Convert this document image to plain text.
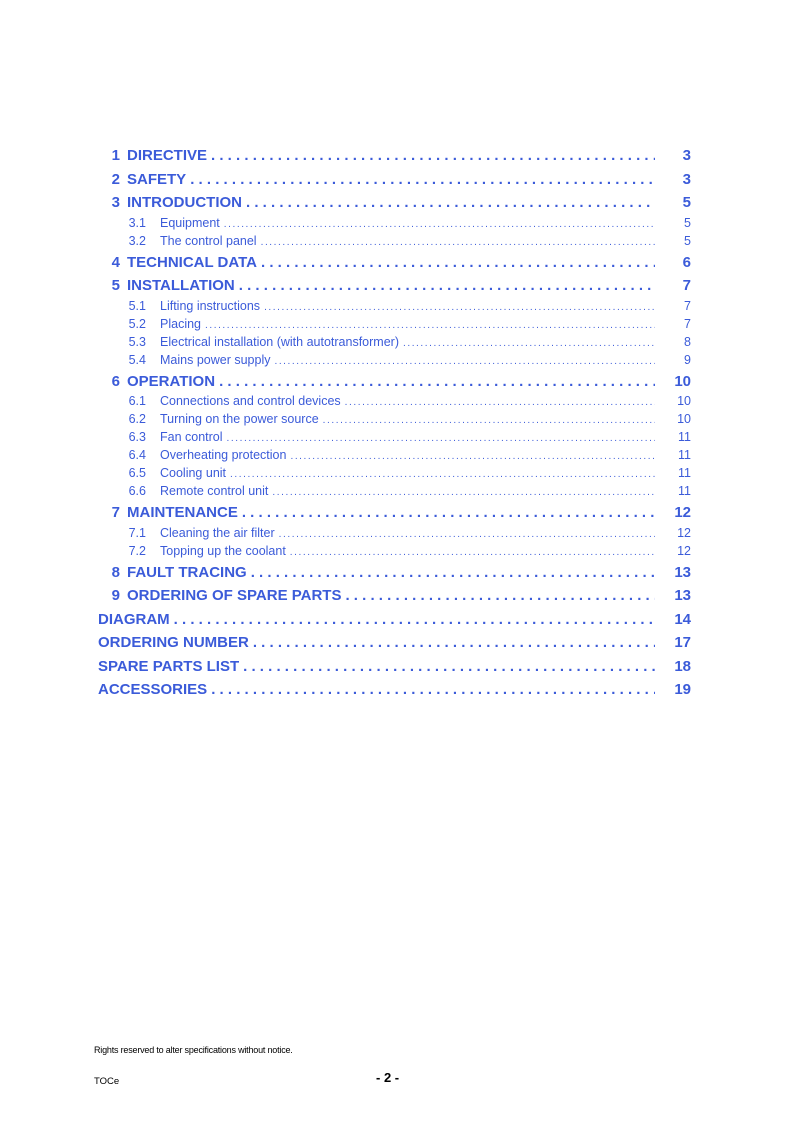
1 DIRECTIVE . . .	3
2 SAFETY . . .	3
3 INTRODUCTION . . .	5
3.1	Equipment . . .	5
3.2	The control panel . . .	5
4 TECHNICAL DATA . . .	6
5 INSTALLATION . . .	7
5.1	Lifting instructions . . .	7
5.2	Placing . . .	7
5.3	Electrical installation (with autotransformer) . . .	8
5.4	Mains power supply . . .	9
6 OPERATION . . .	10
6.1	Connections and control devices . . .	10
6.2	Turning on the power source . . .	10
6.3	Fan control . . .	11
6.4	Overheating protection . . .	11
6.5	Cooling unit . . .	11
6.6	Remote control unit . . .	11
7 MAINTENANCE . . .	12
7.1	Cleaning the air filter . . .	12
7.2	Topping up the coolant . . .	12
8 FAULT TRACING . . .	13
9 ORDERING OF SPARE PARTS . . .	13
DIAGRAM . . .	14
ORDERING NUMBER . . .	17
SPARE PARTS LIST . . .	18
ACCESSORIES . . .	19
Rights reserved to alter specifications without notice.
TOCe	- 2 -
